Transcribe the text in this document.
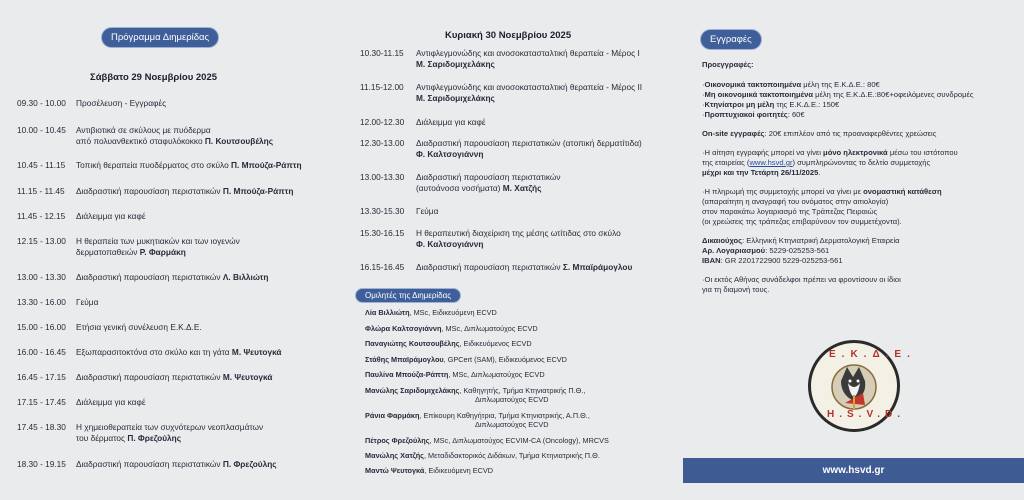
Πρόγραμμα Διημερίδας
Σάββατο 29 Νοεμβρίου 2025
09.30 - 10.00 Προσέλευση - Εγγραφές
10.00 - 10.45 Αντιβιοτικά σε σκύλους με πυόδερμα
από πολυανθεκτικό σταφυλόκοκκο Π. Κουτσουβέλης
10.45 - 11.15 Τοπική θεραπεία πυοδέρματος στο σκύλο Π. Μπούζα-Ράπτη
11.15 - 11.45 Διαδραστική παρουσίαση περιστατικών Π. Μπούζα-Ράπτη
11.45 - 12.15 Διάλειμμα για καφέ
12.15 - 13.00 Η θεραπεία των μυκητιακών και των ιογενών
δερματοπαθειών Ρ. Φαρμάκη
13.00 - 13.30 Διαδραστική παρουσίαση περιστατικών Λ. Βιλλιώτη
13.30 - 16.00 Γεύμα
15.00 - 16.00 Ετήσια γενική συνέλευση Ε.Κ.Δ.Ε.
16.00 - 16.45 Εξωπαρασιτοκτόνα στο σκύλο και τη γάτα Μ. Ψευτογκά
16.45 - 17.15 Διαδραστική παρουσίαση περιστατικών Μ. Ψευτογκά
17.15 - 17.45 Διάλειμμα για καφέ
17.45 - 18.30 Η χημειοθεραπεία των συχνότερων νεοπλασμάτων
του δέρματος Π. Φρεζούλης
18.30 - 19.15 Διαδραστική παρουσίαση περιστατικών Π. Φρεζούλης
Κυριακή 30 Νοεμβρίου 2025
10.30-11.15 Αντιφλεγμονώδης και ανοσοκατασταλτική θεραπεία - Μέρος Ι
Μ. Σαριδομιχελάκης
11.15-12.00 Αντιφλεγμονώδης και ανοσοκατασταλτική θεραπεία - Μέρος ΙΙ
Μ. Σαριδομιχελάκης
12.00-12.30 Διάλειμμα για καφέ
12.30-13.00 Διαδραστική παρουσίαση περιστατικών (ατοπική δερματίτιδα)
Φ. Καλτσογιάννη
13.00-13.30 Διαδραστική παρουσίαση περιστατικών
(αυτοάνοσα νοσήματα) Μ. Χατζής
13.30-15.30 Γεύμα
15.30-16.15 Η θεραπευτική διαχείριση της μέσης ωτίτιδας στο σκύλο
Φ. Καλτσογιάννη
16.15-16.45 Διαδραστική παρουσίαση περιστατικών Σ. Μπαϊράμογλου
Ομιλητές της Διημερίδας
Λία Βιλλιώτη, MSc, Ειδικευόμενη ECVD
Φλώρα Καλτσογιάννη, MSc, Διπλωματούχος ECVD
Παναγιώτης Κουτσουβέλης, Ειδικευόμενος ECVD
Στάθης Μπαϊράμογλου, GPCert (SAM), Ειδικευόμενος ECVD
Παυλίνα Μπούζα-Ράπτη, MSc, Διπλωματούχος ECVD
Μανώλης Σαριδομιχελάκης, Καθηγητής, Τμήμα Κτηνιατρικής Π.Θ.,
Διπλωματούχος ECVD
Ράνια Φαρμάκη, Επίκουρη Καθηγήτρια, Τμήμα Κτηνιατρικής, Α.Π.Θ.,
Διπλωματούχος ECVD
Πέτρος Φρεζούλης, MSc, Διπλωματούχος ECVIM-CA (Oncology), MRCVS
Μανώλης Χατζής, Μεταδιδακτορικός Διδάκων, Τμήμα Κτηνιατρικής Π.Θ.
Μαντώ Ψευτογκά, Ειδικευόμενη ECVD
Εγγραφές
Προεγγραφές:
·Οικονομικά τακτοποιημένα μέλη της Ε.Κ.Δ.Ε.: 80€
·Μη οικονομικά τακτοποιημένα μέλη της Ε.Κ.Δ.Ε.:80€+οφειλόμενες συνδρομές
·Κτηνίατροι μη μέλη της Ε.Κ.Δ.Ε.: 150€
·Προπτυχιακοί φοιτητές: 60€
On-site εγγραφές: 20€ επιπλέον από τις προαναφερθέντες χρεώσεις
·Η αίτηση εγγραφής μπορεί να γίνει μόνο ηλεκτρονικά μέσω του ιστότοπου
της εταιρείας (www.hsvd.gr) συμπληρώνοντας το δελτίο συμμετοχής
μέχρι και την Τετάρτη 26/11/2025.
·Η πληρωμή της συμμετοχής μπορεί να γίνει με ονομαστική κατάθεση
(απαραίτητη η αναγραφή του ονόματος στην αιτιολογία)
στον παρακάτω λογαριασμό της Τράπεζας Πειραιώς
(οι χρεώσεις της τράπεζας επιβαρύνουν τον συμμετέχοντα).
Δικαιούχος: Ελληνική Κτηνιατρική Δερματολογική Εταιρεία
Αρ. Λογαριασμού: 5229-025253-561
IBAN: GR 2201722900 5229-025253-561
·Οι εκτός Αθήνας συνάδελφοι πρέπει να φροντίσουν οι ίδιοι
για τη διαμονή τους.
Ε.Κ.Δ.Ε.
H.S.V.D.
www.hsvd.gr
